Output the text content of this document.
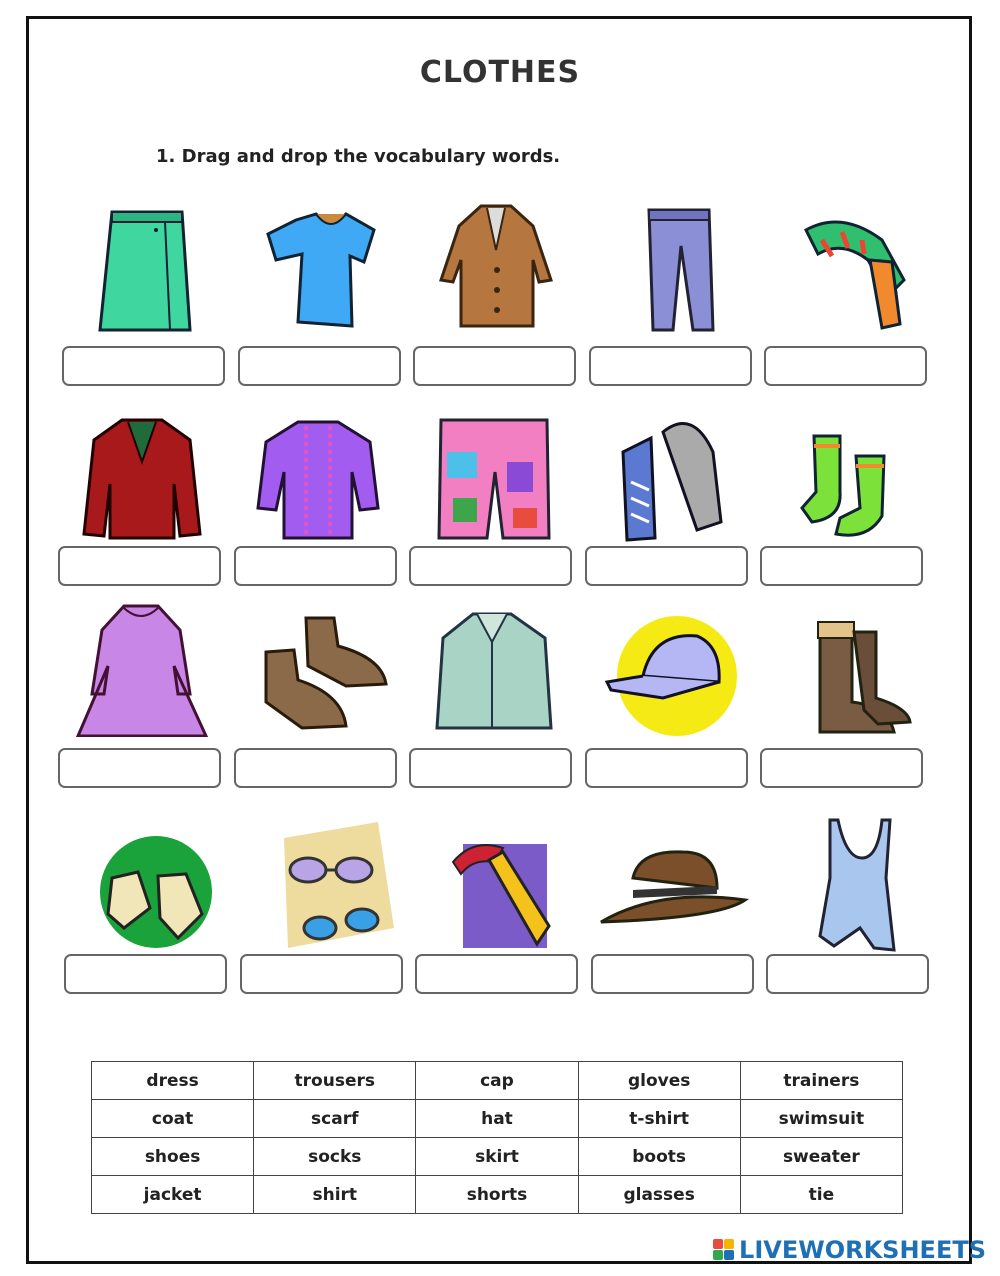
CLOTHES
1. Drag and drop the vocabulary words.
dress	trousers	cap	gloves	trainers
coat	scarf	hat	t-shirt	swimsuit
shoes	socks	skirt	boots	sweater
jacket	shirt	shorts	glasses	tie
LIVEWORKSHEETS
